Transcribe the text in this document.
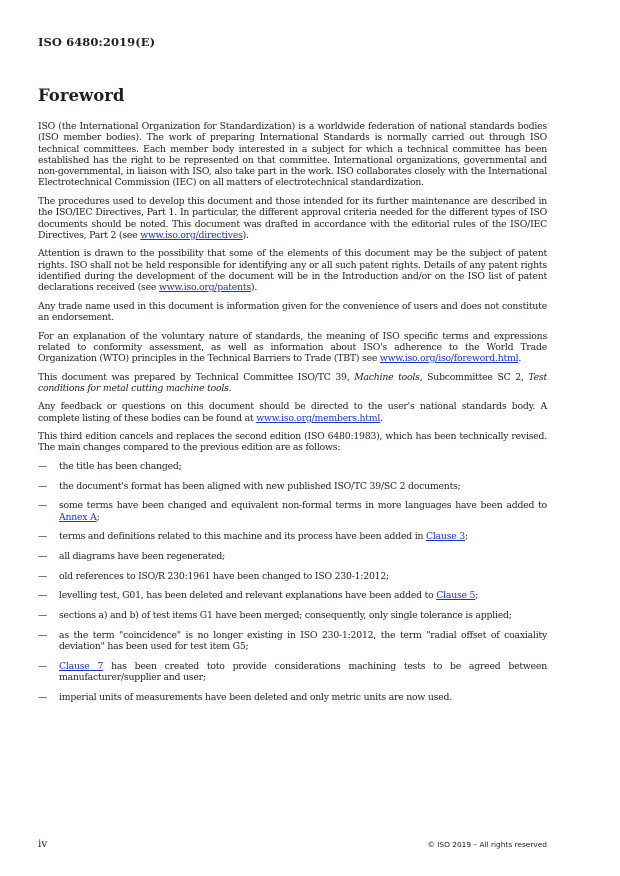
ISO 6480:2019(E)
Foreword

ISO (the International Organization for Standardization) is a worldwide federation of national standards bodies (ISO member bodies). The work of preparing International Standards is normally carried out through ISO technical committees. Each member body interested in a subject for which a technical committee has been established has the right to be represented on that committee. International organizations, governmental and non-governmental, in liaison with ISO, also take part in the work. ISO collaborates closely with the International Electrotechnical Commission (IEC) on all matters of electrotechnical standardization.

The procedures used to develop this document and those intended for its further maintenance are described in the ISO/IEC Directives, Part 1. In particular, the different approval criteria needed for the different types of ISO documents should be noted. This document was drafted in accordance with the editorial rules of the ISO/IEC Directives, Part 2 (see www.iso.org/directives).

Attention is drawn to the possibility that some of the elements of this document may be the subject of patent rights. ISO shall not be held responsible for identifying any or all such patent rights. Details of any patent rights identified during the development of the document will be in the Introduction and/or on the ISO list of patent declarations received (see www.iso.org/patents).

Any trade name used in this document is information given for the convenience of users and does not constitute an endorsement.

For an explanation of the voluntary nature of standards, the meaning of ISO specific terms and expressions related to conformity assessment, as well as information about ISO's adherence to the World Trade Organization (WTO) principles in the Technical Barriers to Trade (TBT) see www.iso.org/iso/foreword.html.

This document was prepared by Technical Committee ISO/TC 39, Machine tools, Subcommittee SC 2, Test conditions for metal cutting machine tools.

Any feedback or questions on this document should be directed to the user's national standards body. A complete listing of these bodies can be found at www.iso.org/members.html.

This third edition cancels and replaces the second edition (ISO 6480:1983), which has been technically revised. The main changes compared to the previous edition are as follows:

—	the title has been changed;
—	the document's format has been aligned with new published ISO/TC 39/SC 2 documents;
—	some terms have been changed and equivalent non-formal terms in more languages have been added to Annex A;
—	terms and definitions related to this machine and its process have been added in Clause 3;
—	all diagrams have been regenerated;
—	old references to ISO/R 230:1961 have been changed to ISO 230-1:2012;
—	levelling test, G01, has been deleted and relevant explanations have been added to Clause 5;
—	sections a) and b) of test items G1 have been merged; consequently, only single tolerance is applied;
—	as the term "coincidence" is no longer existing in ISO 230-1:2012, the term "radial offset of coaxiality deviation" has been used for test item G5;
—	Clause 7 has been created toto provide considerations machining tests to be agreed between manufacturer/supplier and user;
—	imperial units of measurements have been deleted and only metric units are now used.
iv	© ISO 2019 – All rights reserved
